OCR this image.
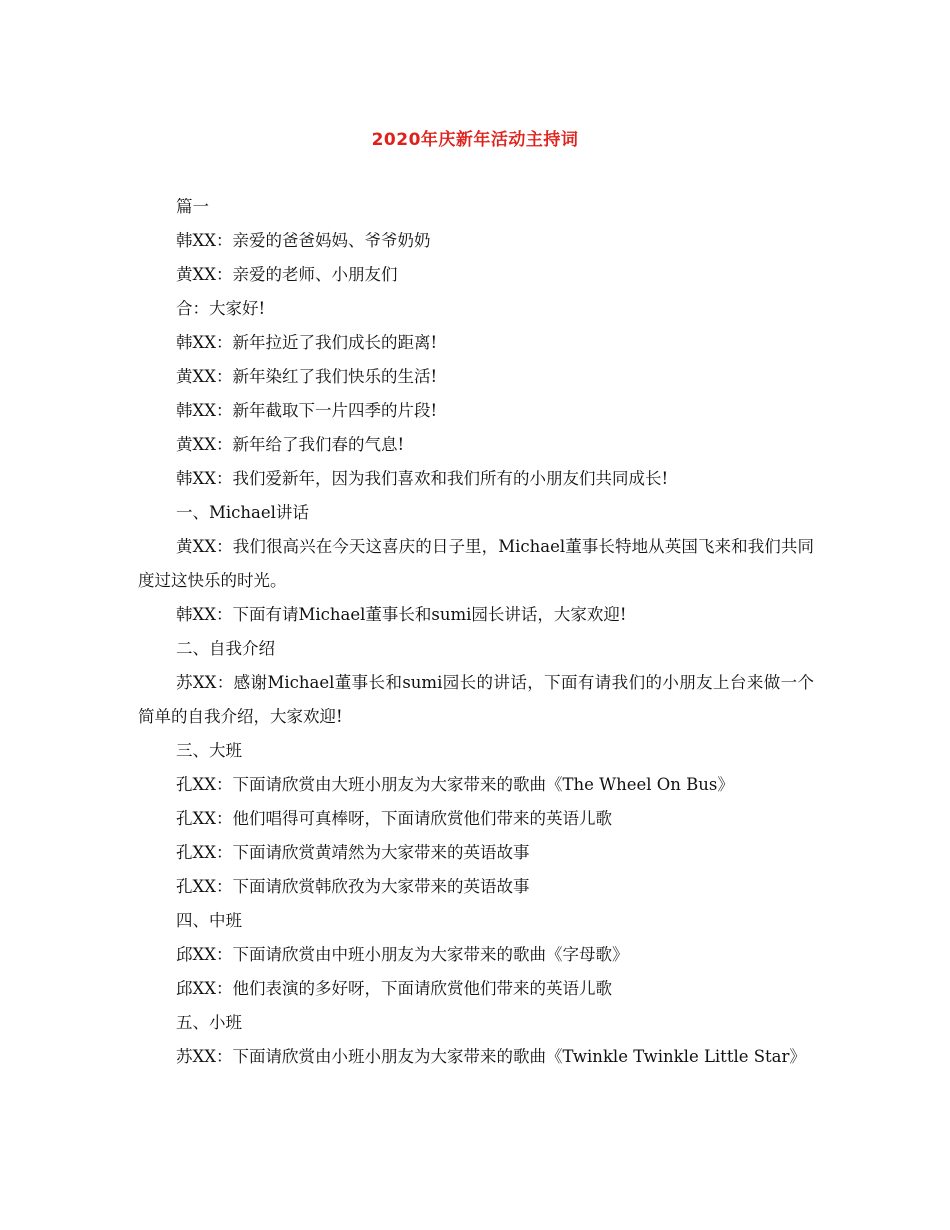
2020年庆新年活动主持词

篇一

韩XX：亲爱的爸爸妈妈、爷爷奶奶

黄XX：亲爱的老师、小朋友们

合：大家好!

韩XX：新年拉近了我们成长的距离!

黄XX：新年染红了我们快乐的生活!

韩XX：新年截取下一片四季的片段!

黄XX：新年给了我们春的气息!

韩XX：我们爱新年，因为我们喜欢和我们所有的小朋友们共同成长!

一、Michael讲话

黄XX：我们很高兴在今天这喜庆的日子里，Michael董事长特地从英国飞来和我们共同度过这快乐的时光。

韩XX：下面有请Michael董事长和sumi园长讲话，大家欢迎!

二、自我介绍

苏XX：感谢Michael董事长和sumi园长的讲话，下面有请我们的小朋友上台来做一个简单的自我介绍，大家欢迎!

三、大班

孔XX：下面请欣赏由大班小朋友为大家带来的歌曲《The Wheel On Bus》

孔XX：他们唱得可真棒呀，下面请欣赏他们带来的英语儿歌

孔XX：下面请欣赏黄靖然为大家带来的英语故事

孔XX：下面请欣赏韩欣孜为大家带来的英语故事

四、中班

邱XX：下面请欣赏由中班小朋友为大家带来的歌曲《字母歌》

邱XX：他们表演的多好呀，下面请欣赏他们带来的英语儿歌

五、小班

苏XX：下面请欣赏由小班小朋友为大家带来的歌曲《Twinkle Twinkle Little Star》
